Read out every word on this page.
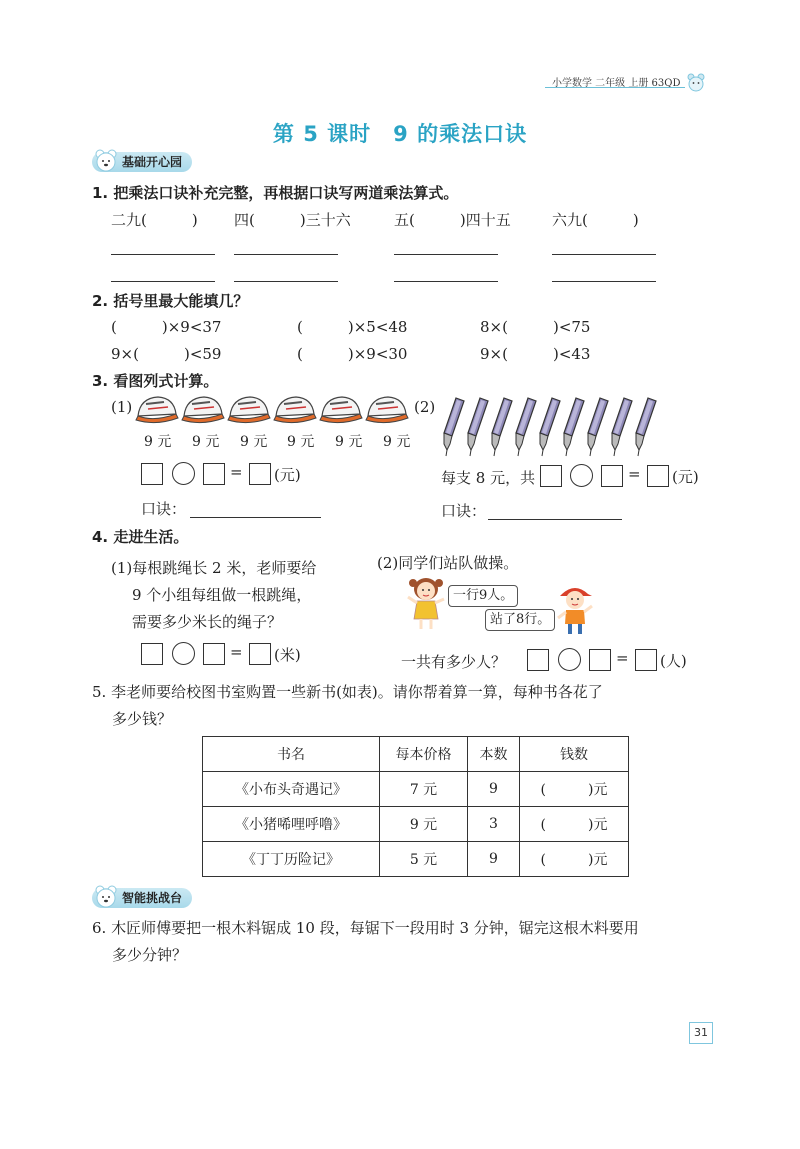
小学数学 二年级 上册 63QD
第 5 课时　9 的乘法口诀
基础开心园
1. 把乘法口诀补充完整，再根据口诀写两道乘法算式。
二九(　　　) 四(　　　)三十六	五(　　　)四十五	六九(　　　)
2. 括号里最大能填几？
(　　　)×9<37	(　　　)×5<48	8×(　　　)<75
9×(　　　)<59	(　　　)×9<30	9×(　　　)<43
3. 看图列式计算。
(1)
9 元 9 元 9 元 9 元 9 元 9 元
= (元)
口诀：
(2)
每支 8 元，共	= (元)
口诀：
4. 走进生活。
(1)每根跳绳长 2 米，老师要给
9 个小组每组做一根跳绳，
需要多少米长的绳子？
= (米)
(2)同学们站队做操。
一行9人。
站了8行。
一共有多少人？	= (人)
5. 李老师要给校图书室购置一些新书(如表)。请你帮着算一算，每种书各花了
多少钱？
书名	每本价格	本数	钱数
《小布头奇遇记》	7 元	9	(　　　)元
《小猪唏哩呼噜》	9 元	3	(　　　)元
《丁丁历险记》	5 元	9	(　　　)元
智能挑战台
6. 木匠师傅要把一根木料锯成 10 段，每锯下一段用时 3 分钟，锯完这根木料要用
多少分钟？
31
